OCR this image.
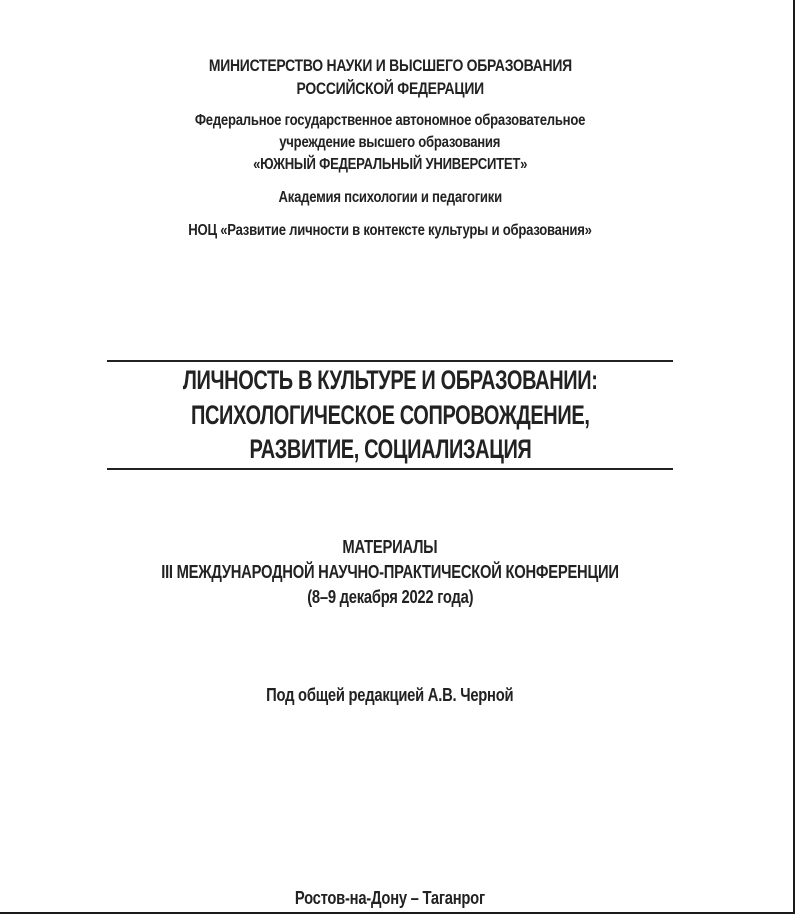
МИНИСТЕРСТВО НАУКИ И ВЫСШЕГО ОБРАЗОВАНИЯ
РОССИЙСКОЙ ФЕДЕРАЦИИ
Федеральное государственное автономное образовательное
учреждение высшего образования
«ЮЖНЫЙ ФЕДЕРАЛЬНЫЙ УНИВЕРСИТЕТ»
Академия психологии и педагогики
НОЦ «Развитие личности в контексте культуры и образования»
ЛИЧНОСТЬ В КУЛЬТУРЕ И ОБРАЗОВАНИИ:
ПСИХОЛОГИЧЕСКОЕ СОПРОВОЖДЕНИЕ,
РАЗВИТИЕ, СОЦИАЛИЗАЦИЯ
МАТЕРИАЛЫ
III МЕЖДУНАРОДНОЙ НАУЧНО-ПРАКТИЧЕСКОЙ КОНФЕРЕНЦИИ
(8–9 декабря 2022 года)
Под общей редакцией А.В. Черной
Ростов-на-Дону – Таганрог
